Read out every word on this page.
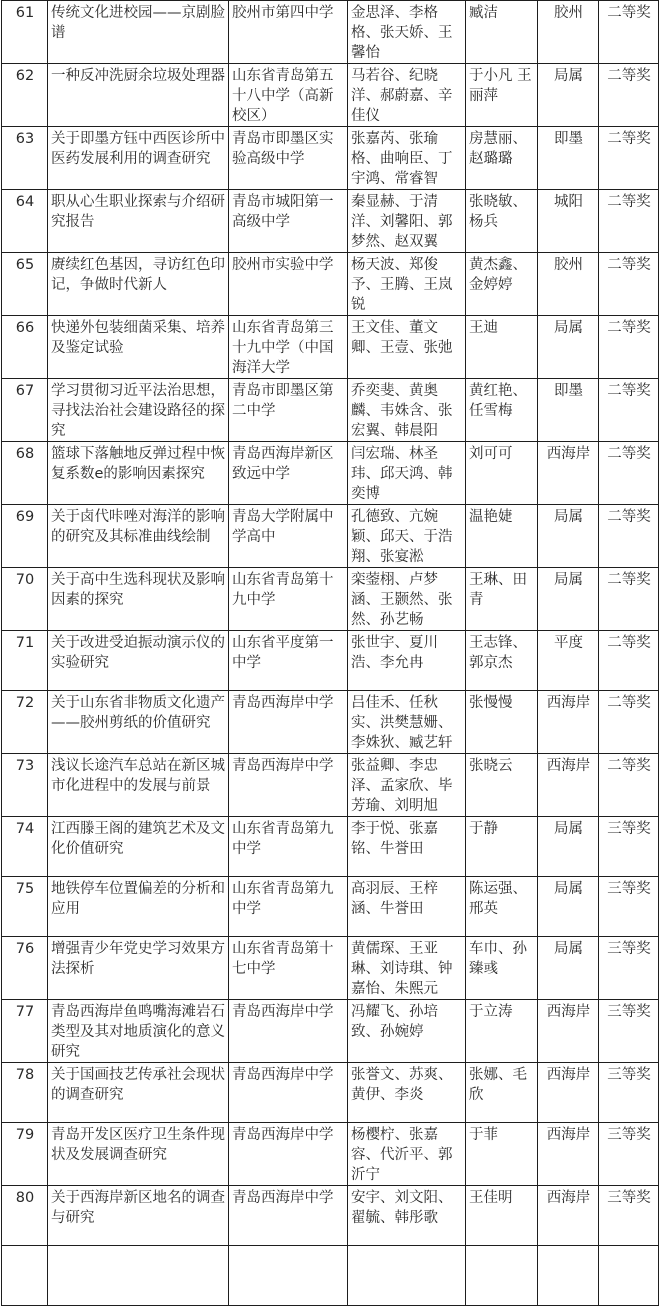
61	传统文化进校园——京剧脸谱	胶州市第四中学	金思泽、李格格、张天娇、王馨怡	臧洁	胶州	二等奖
62	一种反冲洗厨余垃圾处理器	山东省青岛第五十八中学（高新校区）	马若谷、纪晓洋、郝蔚嘉、辛佳仪	于小凡 王丽萍	局属	二等奖
63	关于即墨方钰中西医诊所中医药发展利用的调查研究	青岛市即墨区实验高级中学	张嘉芮、张瑜格、曲响臣、丁宇鸿、常睿智	房慧丽、赵璐璐	即墨	二等奖
64	职从心生职业探索与介绍研究报告	青岛市城阳第一高级中学	秦显赫、于清洋、刘馨阳、郭梦然、赵双翼	张晓敏、杨兵	城阳	二等奖
65	赓续红色基因，寻访红色印记，争做时代新人	胶州市实验中学	杨天波、郑俊予、王腾、王岚锐	黄杰鑫、金婷婷	胶州	二等奖
66	快递外包装细菌采集、培养及鉴定试验	山东省青岛第三十九中学（中国海洋大学	王文佳、董文卿、王壹、张弛	王迪	局属	二等奖
67	学习贯彻习近平法治思想，寻找法治社会建设路径的探究	青岛市即墨区第二中学	乔奕斐、黄奥麟、韦姝含、张宏翼、韩晨阳	黄红艳、任雪梅	即墨	二等奖
68	篮球下落触地反弹过程中恢复系数e的影响因素探究	青岛西海岸新区致远中学	闫宏瑞、林圣玮、邱天鸿、韩奕博	刘可可	西海岸	二等奖
69	关于卤代咔唑对海洋的影响的研究及其标准曲线绘制	青岛大学附属中学高中	孔德致、亢婉颖、邱天、于浩翔、张宴淞	温艳婕	局属	二等奖
70	关于高中生选科现状及影响因素的探究	山东省青岛第十九中学	栾蓥栩、卢梦涵、王颢然、张然、孙艺畅	王琳、田青	局属	二等奖
71	关于改进受迫振动演示仪的实验研究	山东省平度第一中学	张世宇、夏川浩、李允冉	王志锋、郭京杰	平度	二等奖
72	关于山东省非物质文化遗产——胶州剪纸的价值研究	青岛西海岸中学	吕佳禾、任秋实、洪樊慧姗、李姝狄、臧艺轩	张慢慢	西海岸	二等奖
73	浅议长途汽车总站在新区城市化进程中的发展与前景	青岛西海岸中学	张益卿、李忠泽、孟家欣、毕芳瑜、刘明旭	张晓云	西海岸	二等奖
74	江西滕王阁的建筑艺术及文化价值研究	山东省青岛第九中学	李于悦、张嘉铭、牛誉田	于静	局属	三等奖
75	地铁停车位置偏差的分析和应用	山东省青岛第九中学	高羽辰、王梓涵、牛誉田	陈运强、邢英	局属	三等奖
76	增强青少年党史学习效果方法探析	山东省青岛第十七中学	黄儒琛、王亚琳、刘诗琪、钟嘉怡、朱熙元	车巾、孙臻彧	局属	三等奖
77	青岛西海岸鱼鸣嘴海滩岩石类型及其对地质演化的意义研究	青岛西海岸中学	冯耀飞、孙培致、孙婉婷	于立涛	西海岸	三等奖
78	关于国画技艺传承社会现状的调查研究	青岛西海岸中学	张誉文、苏爽、黄伊、李炎	张娜、毛欣	西海岸	三等奖
79	青岛开发区医疗卫生条件现状及发展调查研究	青岛西海岸中学	杨樱柠、张嘉容、代沂平、郭沂宁	于菲	西海岸	三等奖
80	关于西海岸新区地名的调查与研究	青岛西海岸中学	安宇、刘文阳、翟毓、韩彤歌	王佳明	西海岸	三等奖
